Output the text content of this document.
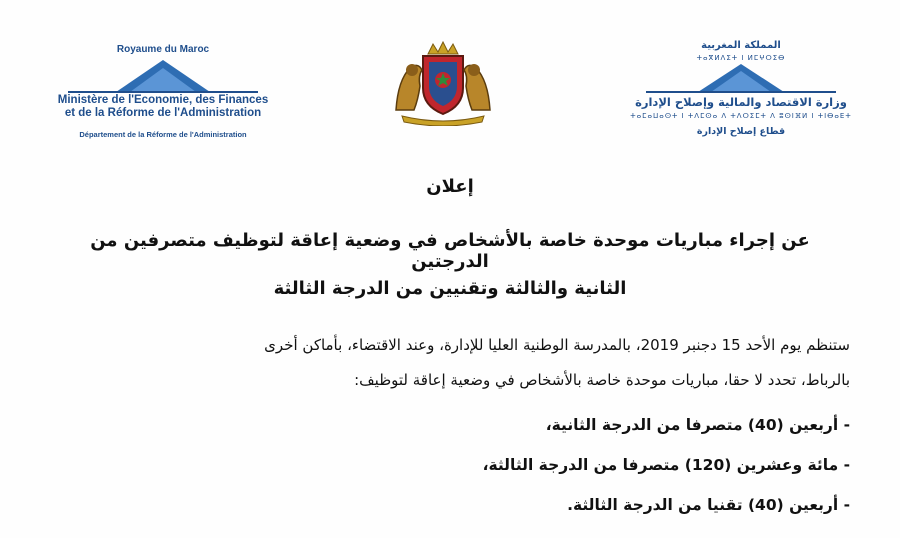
Royaume du Maroc
Ministère de l'Economie, des Finances
et de la Réforme de l'Administration
Département de la Réforme de l'Administration
المملكة المغربية
ⵜⴰⴳⵍⴷⵉⵜ ⵏ ⵍⵎⵖⵔⵉⴱ
وزارة الاقتصاد والمالية وإصلاح الإدارة
ⵜⴰⵎⴰⵡⴰⵙⵜ ⵏ ⵜⴷⵎⵙⴰ ⴷ ⵜⴷⵔⵉⵎⵜ ⴷ ⵓⵙⵏⴼⵍ ⵏ ⵜⵏⴱⴰⴹⵜ
قطاع إصلاح الإدارة
إعلان
عن إجراء مباريات موحدة خاصة بالأشخاص في وضعية إعاقة لتوظيف متصرفين من الدرجتين
الثانية والثالثة وتقنيين من الدرجة الثالثة
ستنظم يوم الأحد 15 دجنبر 2019، بالمدرسة الوطنية العليا للإدارة، وعند الاقتضاء، بأماكن أخرى
بالرباط، تحدد لا حقا، مباريات موحدة خاصة بالأشخاص في وضعية إعاقة لتوظيف:
- أربعين (40) متصرفا من الدرجة الثانية،
- مائة وعشرين (120) متصرفا من الدرجة الثالثة،
- أربعين (40) تقنيا من الدرجة الثالثة.
